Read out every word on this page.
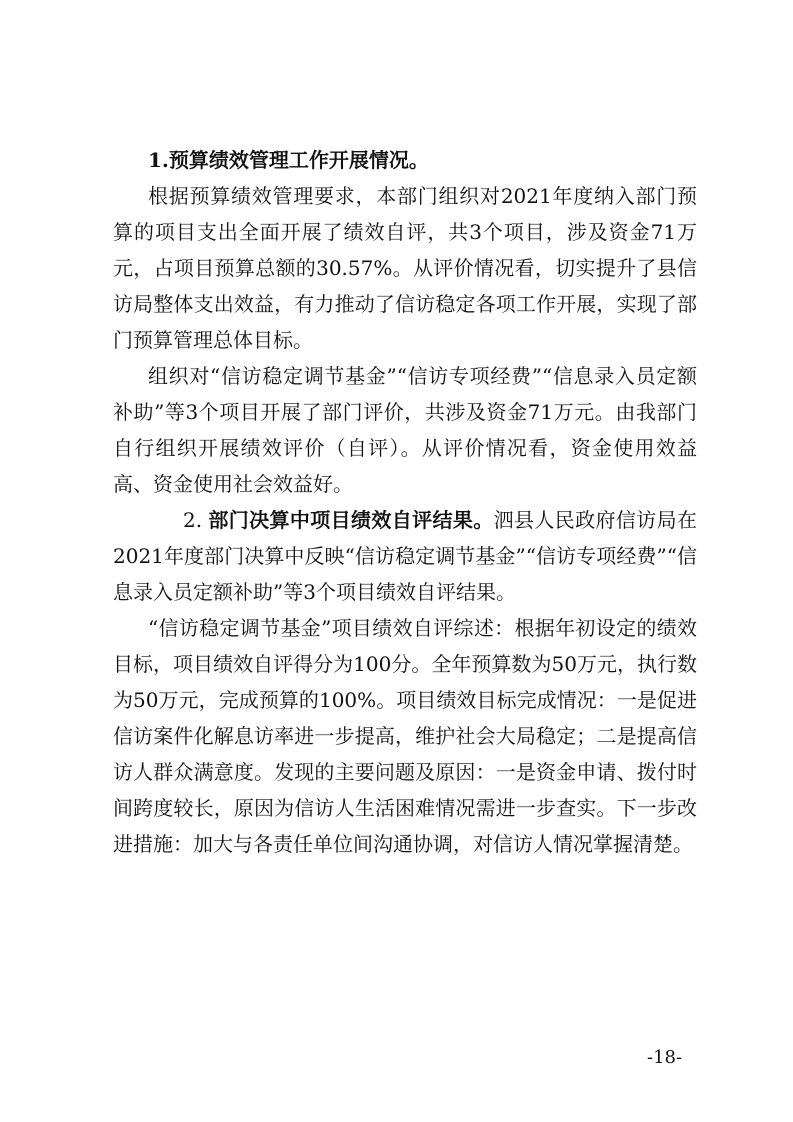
1.预算绩效管理工作开展情况。

根据预算绩效管理要求，本部门组织对2021年度纳入部门预算的项目支出全面开展了绩效自评，共3个项目，涉及资金71万元，占项目预算总额的30.57%。从评价情况看，切实提升了县信访局整体支出效益，有力推动了信访稳定各项工作开展，实现了部门预算管理总体目标。

组织对“信访稳定调节基金”“信访专项经费”“信息录入员定额补助”等3个项目开展了部门评价，共涉及资金71万元。由我部门自行组织开展绩效评价（自评）。从评价情况看，资金使用效益高、资金使用社会效益好。

2. 部门决算中项目绩效自评结果。泗县人民政府信访局在2021年度部门决算中反映“信访稳定调节基金”“信访专项经费”“信息录入员定额补助”等3个项目绩效自评结果。

“信访稳定调节基金”项目绩效自评综述：根据年初设定的绩效目标，项目绩效自评得分为100分。全年预算数为50万元，执行数为50万元，完成预算的100%。项目绩效目标完成情况：一是促进信访案件化解息访率进一步提高，维护社会大局稳定；二是提高信访人群众满意度。发现的主要问题及原因：一是资金申请、拨付时间跨度较长，原因为信访人生活困难情况需进一步查实。下一步改进措施：加大与各责任单位间沟通协调，对信访人情况掌握清楚。

-18-
